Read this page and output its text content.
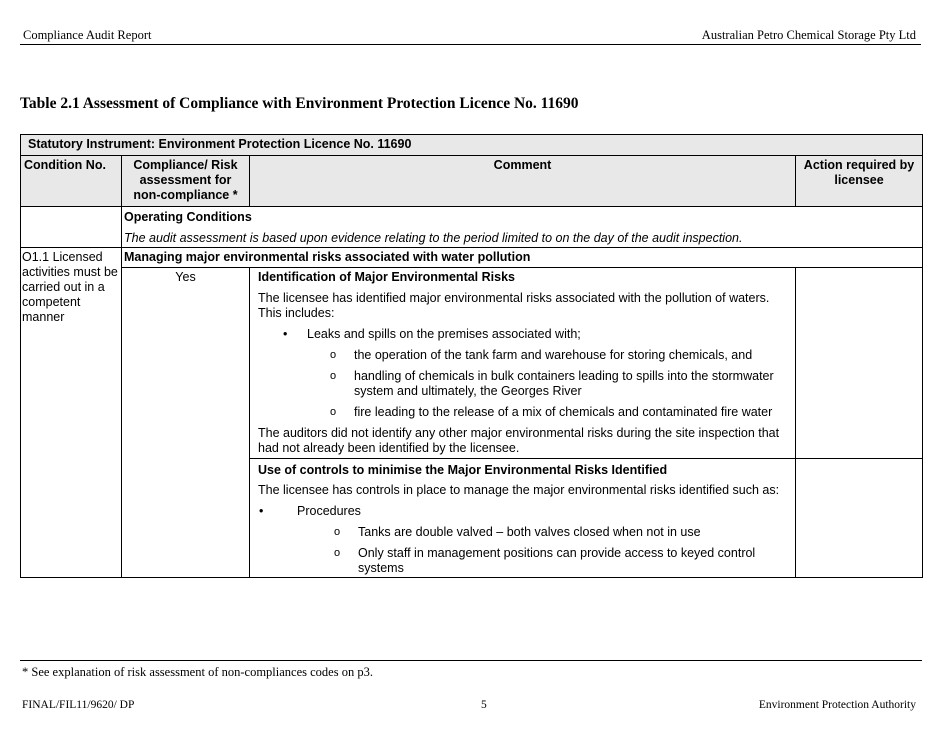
Compliance Audit Report	Australian Petro Chemical Storage Pty Ltd
Table 2.1 Assessment of Compliance with Environment Protection Licence No. 11690
Statutory Instrument: Environment Protection Licence No. 11690			
Condition No.	Compliance/ Risk assessment for non-compliance *	Comment	Action required by licensee

	Operating Conditions
The audit assessment is based upon evidence relating to the period limited to on the day of the audit inspection.		

O1.1 Licensed activities must be carried out in a competent manner	Managing major environmental risks associated with water pollution		
Yes	Identification of Major Environmental Risks
The licensee has identified major environmental risks associated with the pollution of waters. This includes:
• Leaks and spills on the premises associated with;
o the operation of the tank farm and warehouse for storing chemicals, and
o handling of chemicals in bulk containers leading to spills into the stormwater system and ultimately, the Georges River
o fire leading to the release of a mix of chemicals and contaminated fire water
The auditors did not identify any other major environmental risks during the site inspection that had not already been identified by the licensee.

Use of controls to minimise the Major Environmental Risks Identified
The licensee has controls in place to manage the major environmental risks identified such as:
•	Procedures
o Tanks are double valved – both valves closed when not in use
o Only staff in management positions can provide access to keyed control systems

* See explanation of risk assessment of non-compliances codes on p3.
FINAL/FIL11/9620/ DP	5	Environment Protection Authority
